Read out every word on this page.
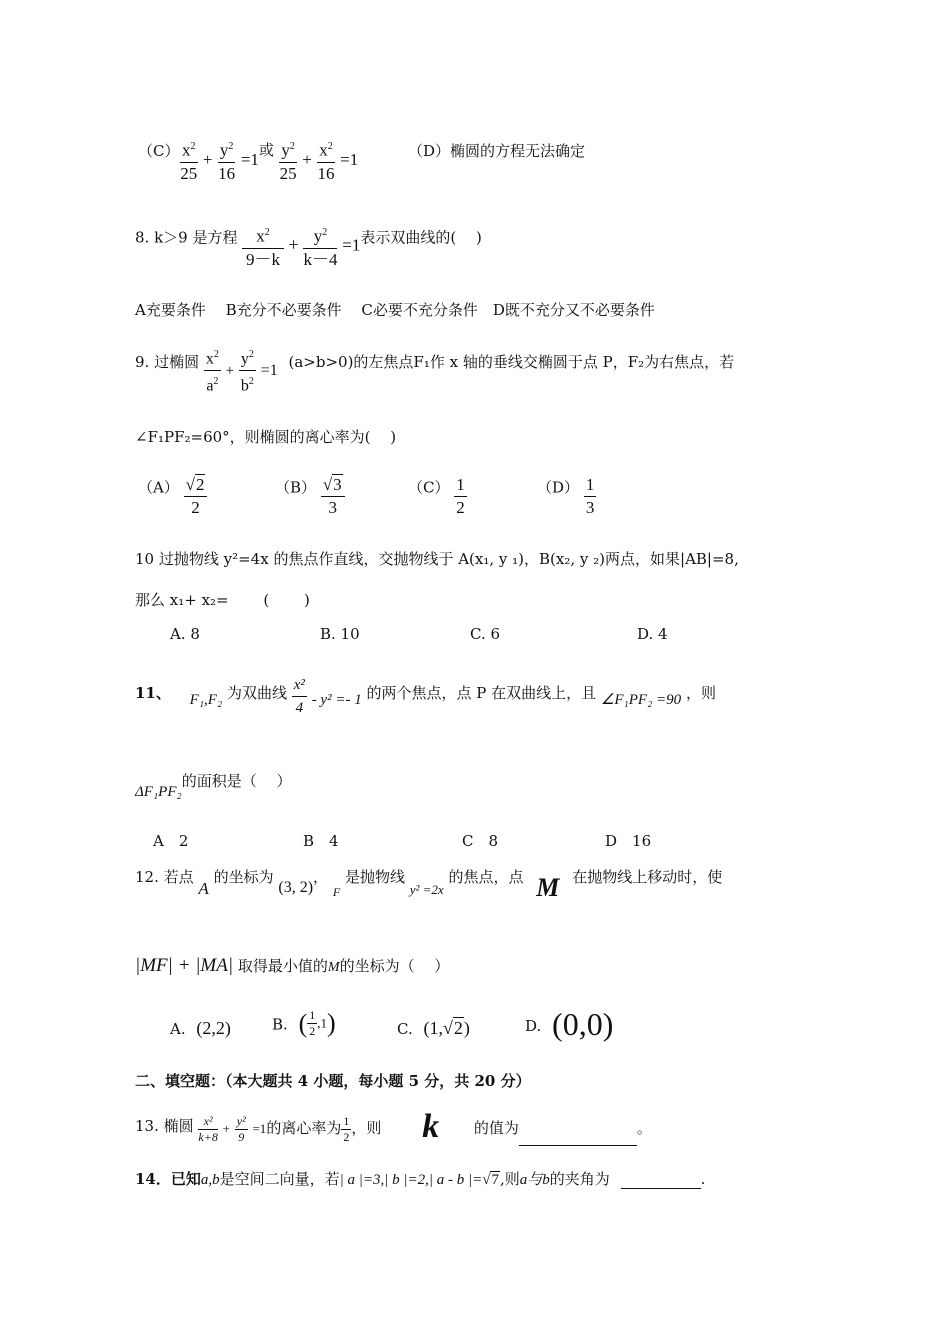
$(C) \frac{x^2}{25} + \frac{y^2}{16} =1$或 $\frac{y^2}{25} + \frac{x^2}{16} =1$	（D）椭圆的方程无法确定
8. k＞9 是方程 $\frac{x^2}{9-k} + \frac{y^2}{k-4} =1$表示双曲线的(　 )
A充要条件　 B充分不必要条件　 C必要不充分条件　D既不充分又不必要条件
9. 过椭圆 $\frac{x^2}{a^2} + \frac{y^2}{b^2} =1$ (a>b>0)的左焦点F₁作 x 轴的垂线交椭圆于点 P，F₂为右焦点，若
∠F₁PF₂=60°，则椭圆的离心率为(　 )
$(A) \frac{√2}{2}$	$(B) \frac{√3}{3}$	$(C) \frac{1}{2}$	$(D) \frac{1}{3}$
10 过抛物线 y²=4x 的焦点作直线，交抛物线于 A(x₁, y ₁)，B(x₂, y ₂)两点，如果|AB|=8,
那么 x₁+ x₂=　　 (　　 )
A. 8	B. 10	C. 6	D. 4
11、 F₁,F₂ 为双曲线 $\frac{\text{x²}}{4} - y^2 =- 1$ 的两个焦点，点 P 在双曲线上，且 ∠F₁PF₂ =90 ，则
ΔF₁PF₂的面积是（　 ）
A　2	B　4	C　8	D　16
12. 若点 A 的坐标为 (3, 2)， $_F$ 是抛物线 y² =2x 的焦点，点 M 在抛物线上移动时，使
|MF| + |MA| 取得最小值的M的坐标为（　 ）
A. (2,2)	B. ( $\frac{1}{2} ,1$)	C. (1,√2)	D. (0,0)
二、填空题：（本大题共 4 小题，每小题 5 分，共 20 分）
13. 椭圆 $\frac{\text{x²}}{k+8} + \frac{\text{y²}}{9} =1$的离心率为 $\frac{1}{2}$ ，则 k 的值为	。
14．已知a,b是空间二向量，若| a |=3,| b |=2,| a - b |=√7,则a与b的夹角为	.
